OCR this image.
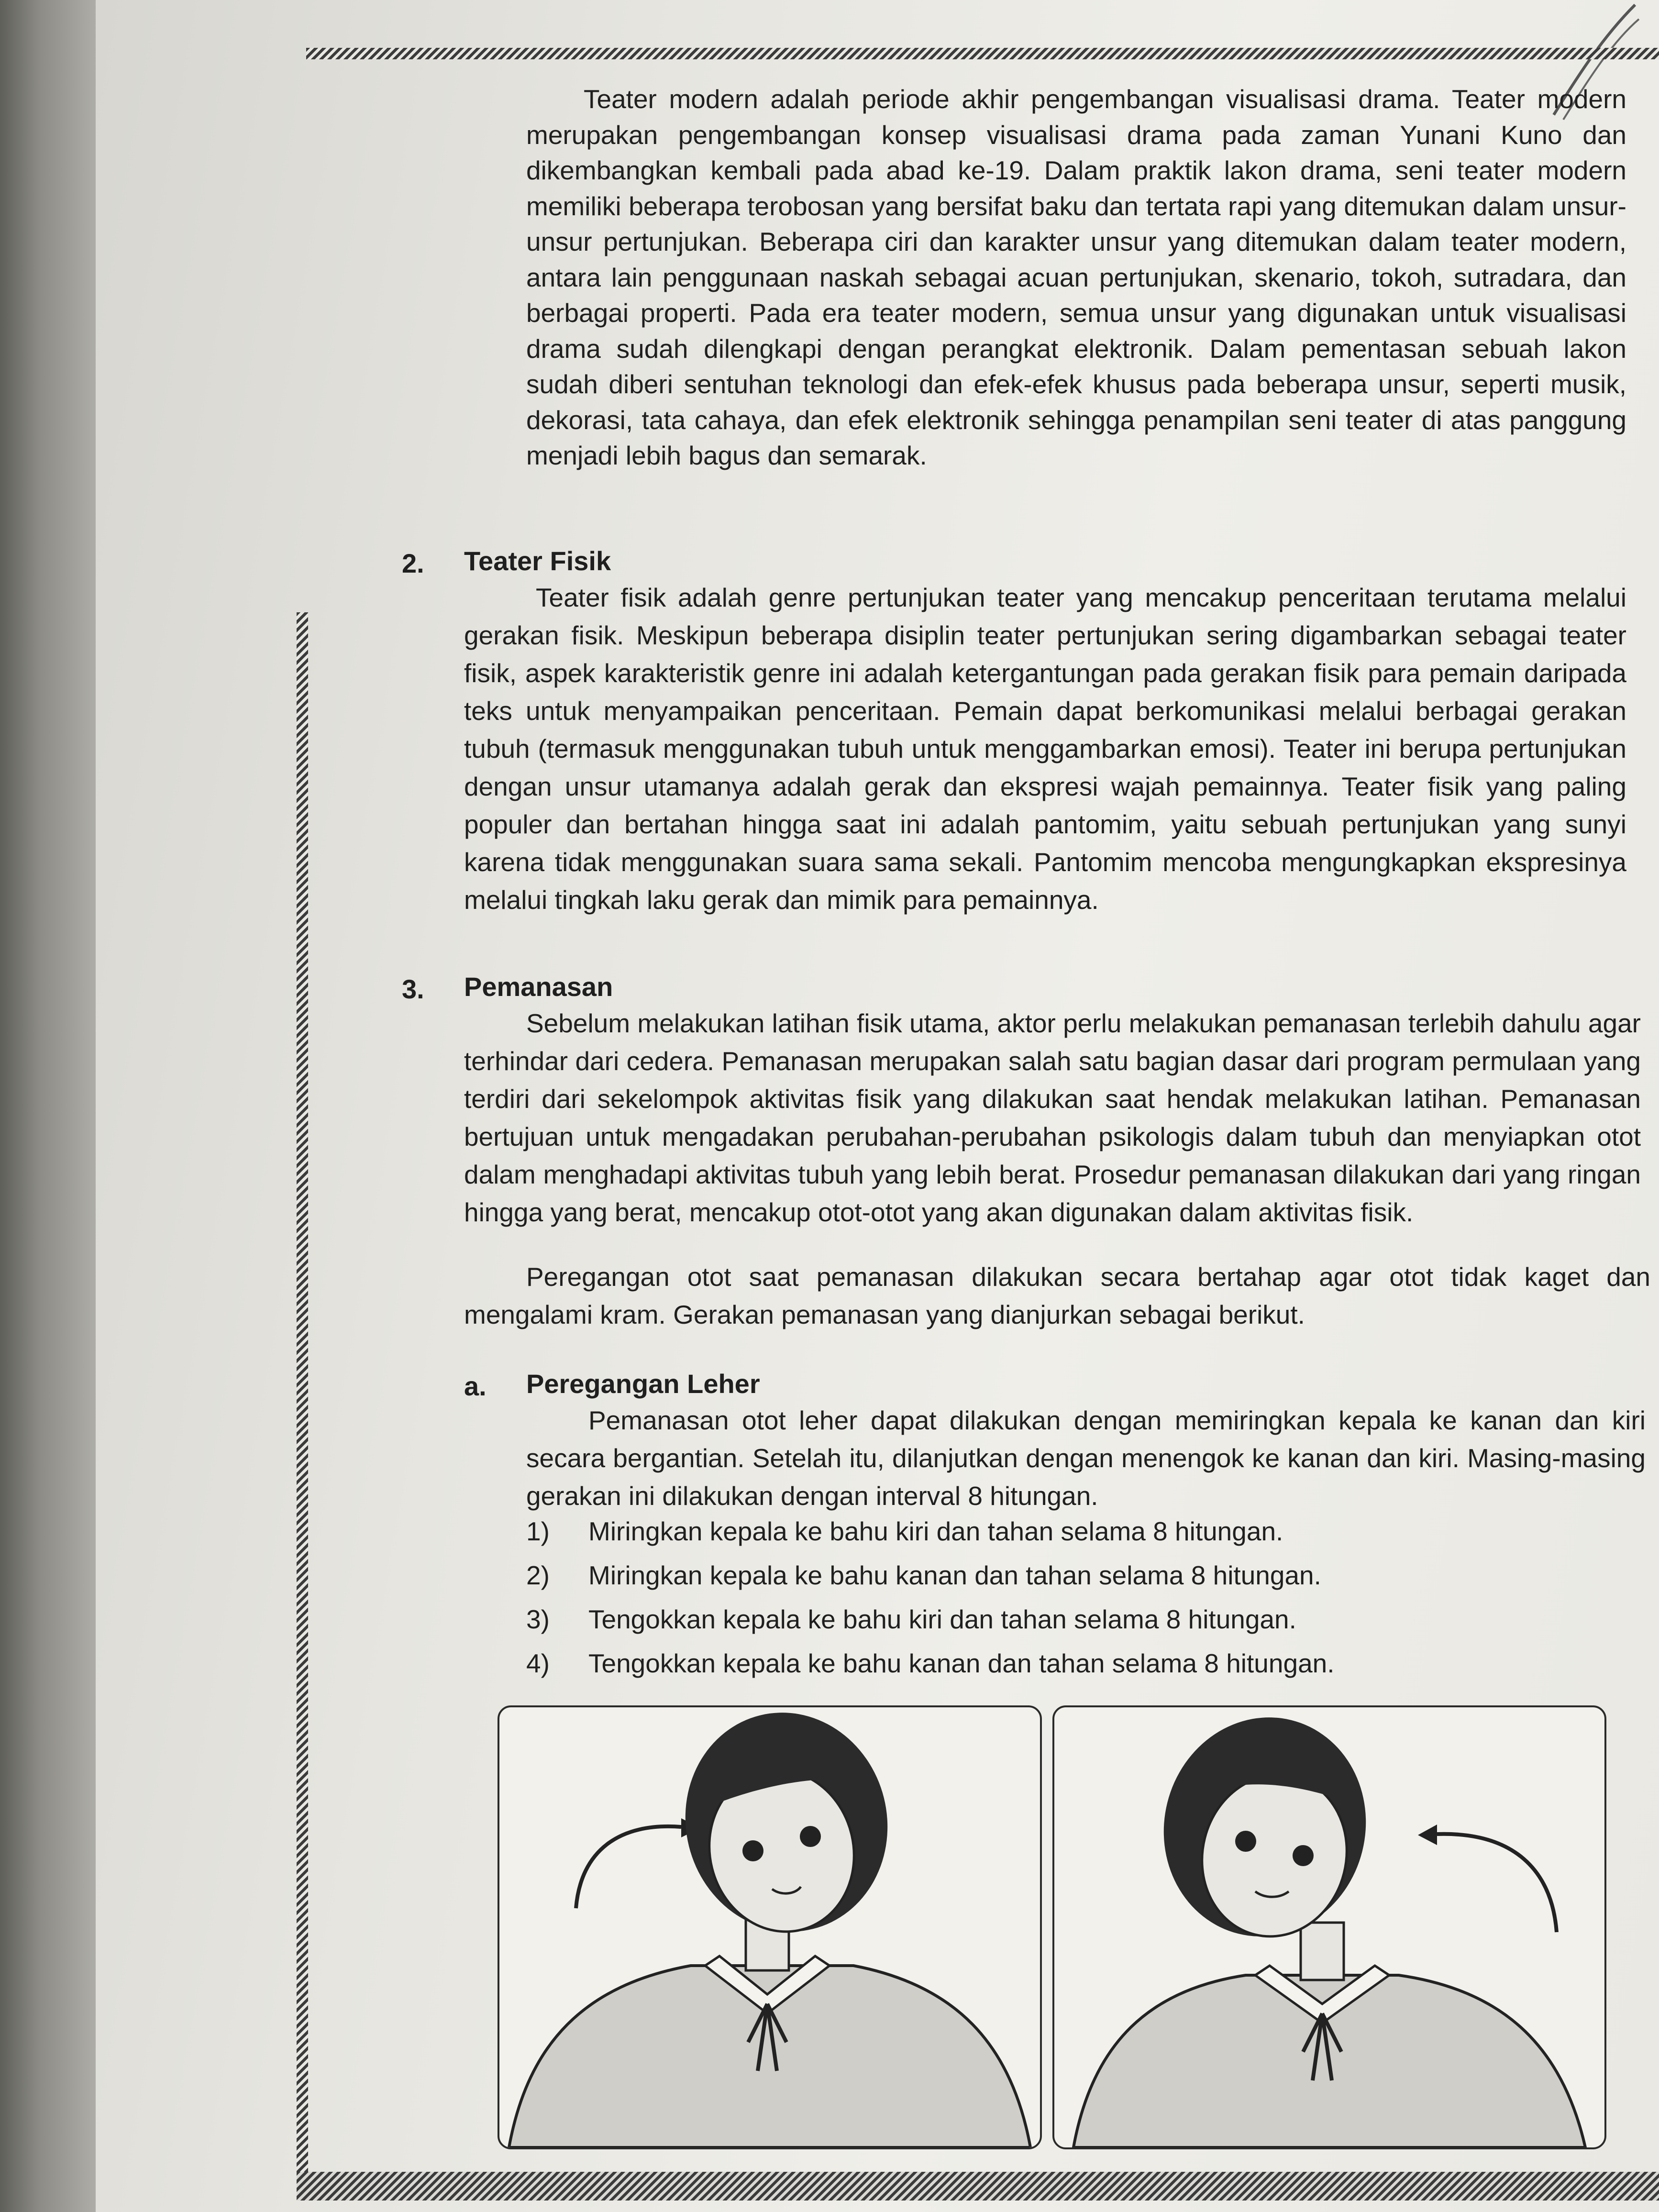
Teater modern adalah periode akhir pengembangan visualisasi drama. Teater modern merupakan pengembangan konsep visualisasi drama pada zaman Yunani Kuno dan dikembangkan kembali pada abad ke-19. Dalam praktik lakon drama, seni teater modern memiliki beberapa terobosan yang bersifat baku dan tertata rapi yang ditemukan dalam unsur-unsur pertunjukan. Beberapa ciri dan karakter unsur yang ditemukan dalam teater modern, antara lain penggunaan naskah sebagai acuan pertunjukan, skenario, tokoh, sutradara, dan berbagai properti. Pada era teater modern, semua unsur yang digunakan untuk visualisasi drama sudah dilengkapi dengan perangkat elektronik. Dalam pementasan sebuah lakon sudah diberi sentuhan teknologi dan efek-efek khusus pada beberapa unsur, seperti musik, dekorasi, tata cahaya, dan efek elektronik sehingga penampilan seni teater di atas panggung menjadi lebih bagus dan semarak.

2. Teater Fisik

Teater fisik adalah genre pertunjukan teater yang mencakup penceritaan terutama melalui gerakan fisik. Meskipun beberapa disiplin teater pertunjukan sering digambarkan sebagai teater fisik, aspek karakteristik genre ini adalah ketergantungan pada gerakan fisik para pemain daripada teks untuk menyampaikan penceritaan. Pemain dapat berkomunikasi melalui berbagai gerakan tubuh (termasuk menggunakan tubuh untuk menggambarkan emosi). Teater ini berupa pertunjukan dengan unsur utamanya adalah gerak dan ekspresi wajah pemainnya. Teater fisik yang paling populer dan bertahan hingga saat ini adalah pantomim, yaitu sebuah pertunjukan yang sunyi karena tidak menggunakan suara sama sekali. Pantomim mencoba mengungkapkan ekspresinya melalui tingkah laku gerak dan mimik para pemainnya.

3. Pemanasan

Sebelum melakukan latihan fisik utama, aktor perlu melakukan pemanasan terlebih dahulu agar terhindar dari cedera. Pemanasan merupakan salah satu bagian dasar dari program permulaan yang terdiri dari sekelompok aktivitas fisik yang dilakukan saat hendak melakukan latihan. Pemanasan bertujuan untuk mengadakan perubahan-perubahan psikologis dalam tubuh dan menyiapkan otot dalam menghadapi aktivitas tubuh yang lebih berat. Prosedur pemanasan dilakukan dari yang ringan hingga yang berat, mencakup otot-otot yang akan digunakan dalam aktivitas fisik.

Peregangan otot saat pemanasan dilakukan secara bertahap agar otot tidak kaget dan mengalami kram. Gerakan pemanasan yang dianjurkan sebagai berikut.

a. Peregangan Leher

Pemanasan otot leher dapat dilakukan dengan memiringkan kepala ke kanan dan kiri secara bergantian. Setelah itu, dilanjutkan dengan menengok ke kanan dan kiri. Masing-masing gerakan ini dilakukan dengan interval 8 hitungan.

1)	Miringkan kepala ke bahu kiri dan tahan selama 8 hitungan.
2)	Miringkan kepala ke bahu kanan dan tahan selama 8 hitungan.
3)	Tengokkan kepala ke bahu kiri dan tahan selama 8 hitungan.
4)	Tengokkan kepala ke bahu kanan dan tahan selama 8 hitungan.
